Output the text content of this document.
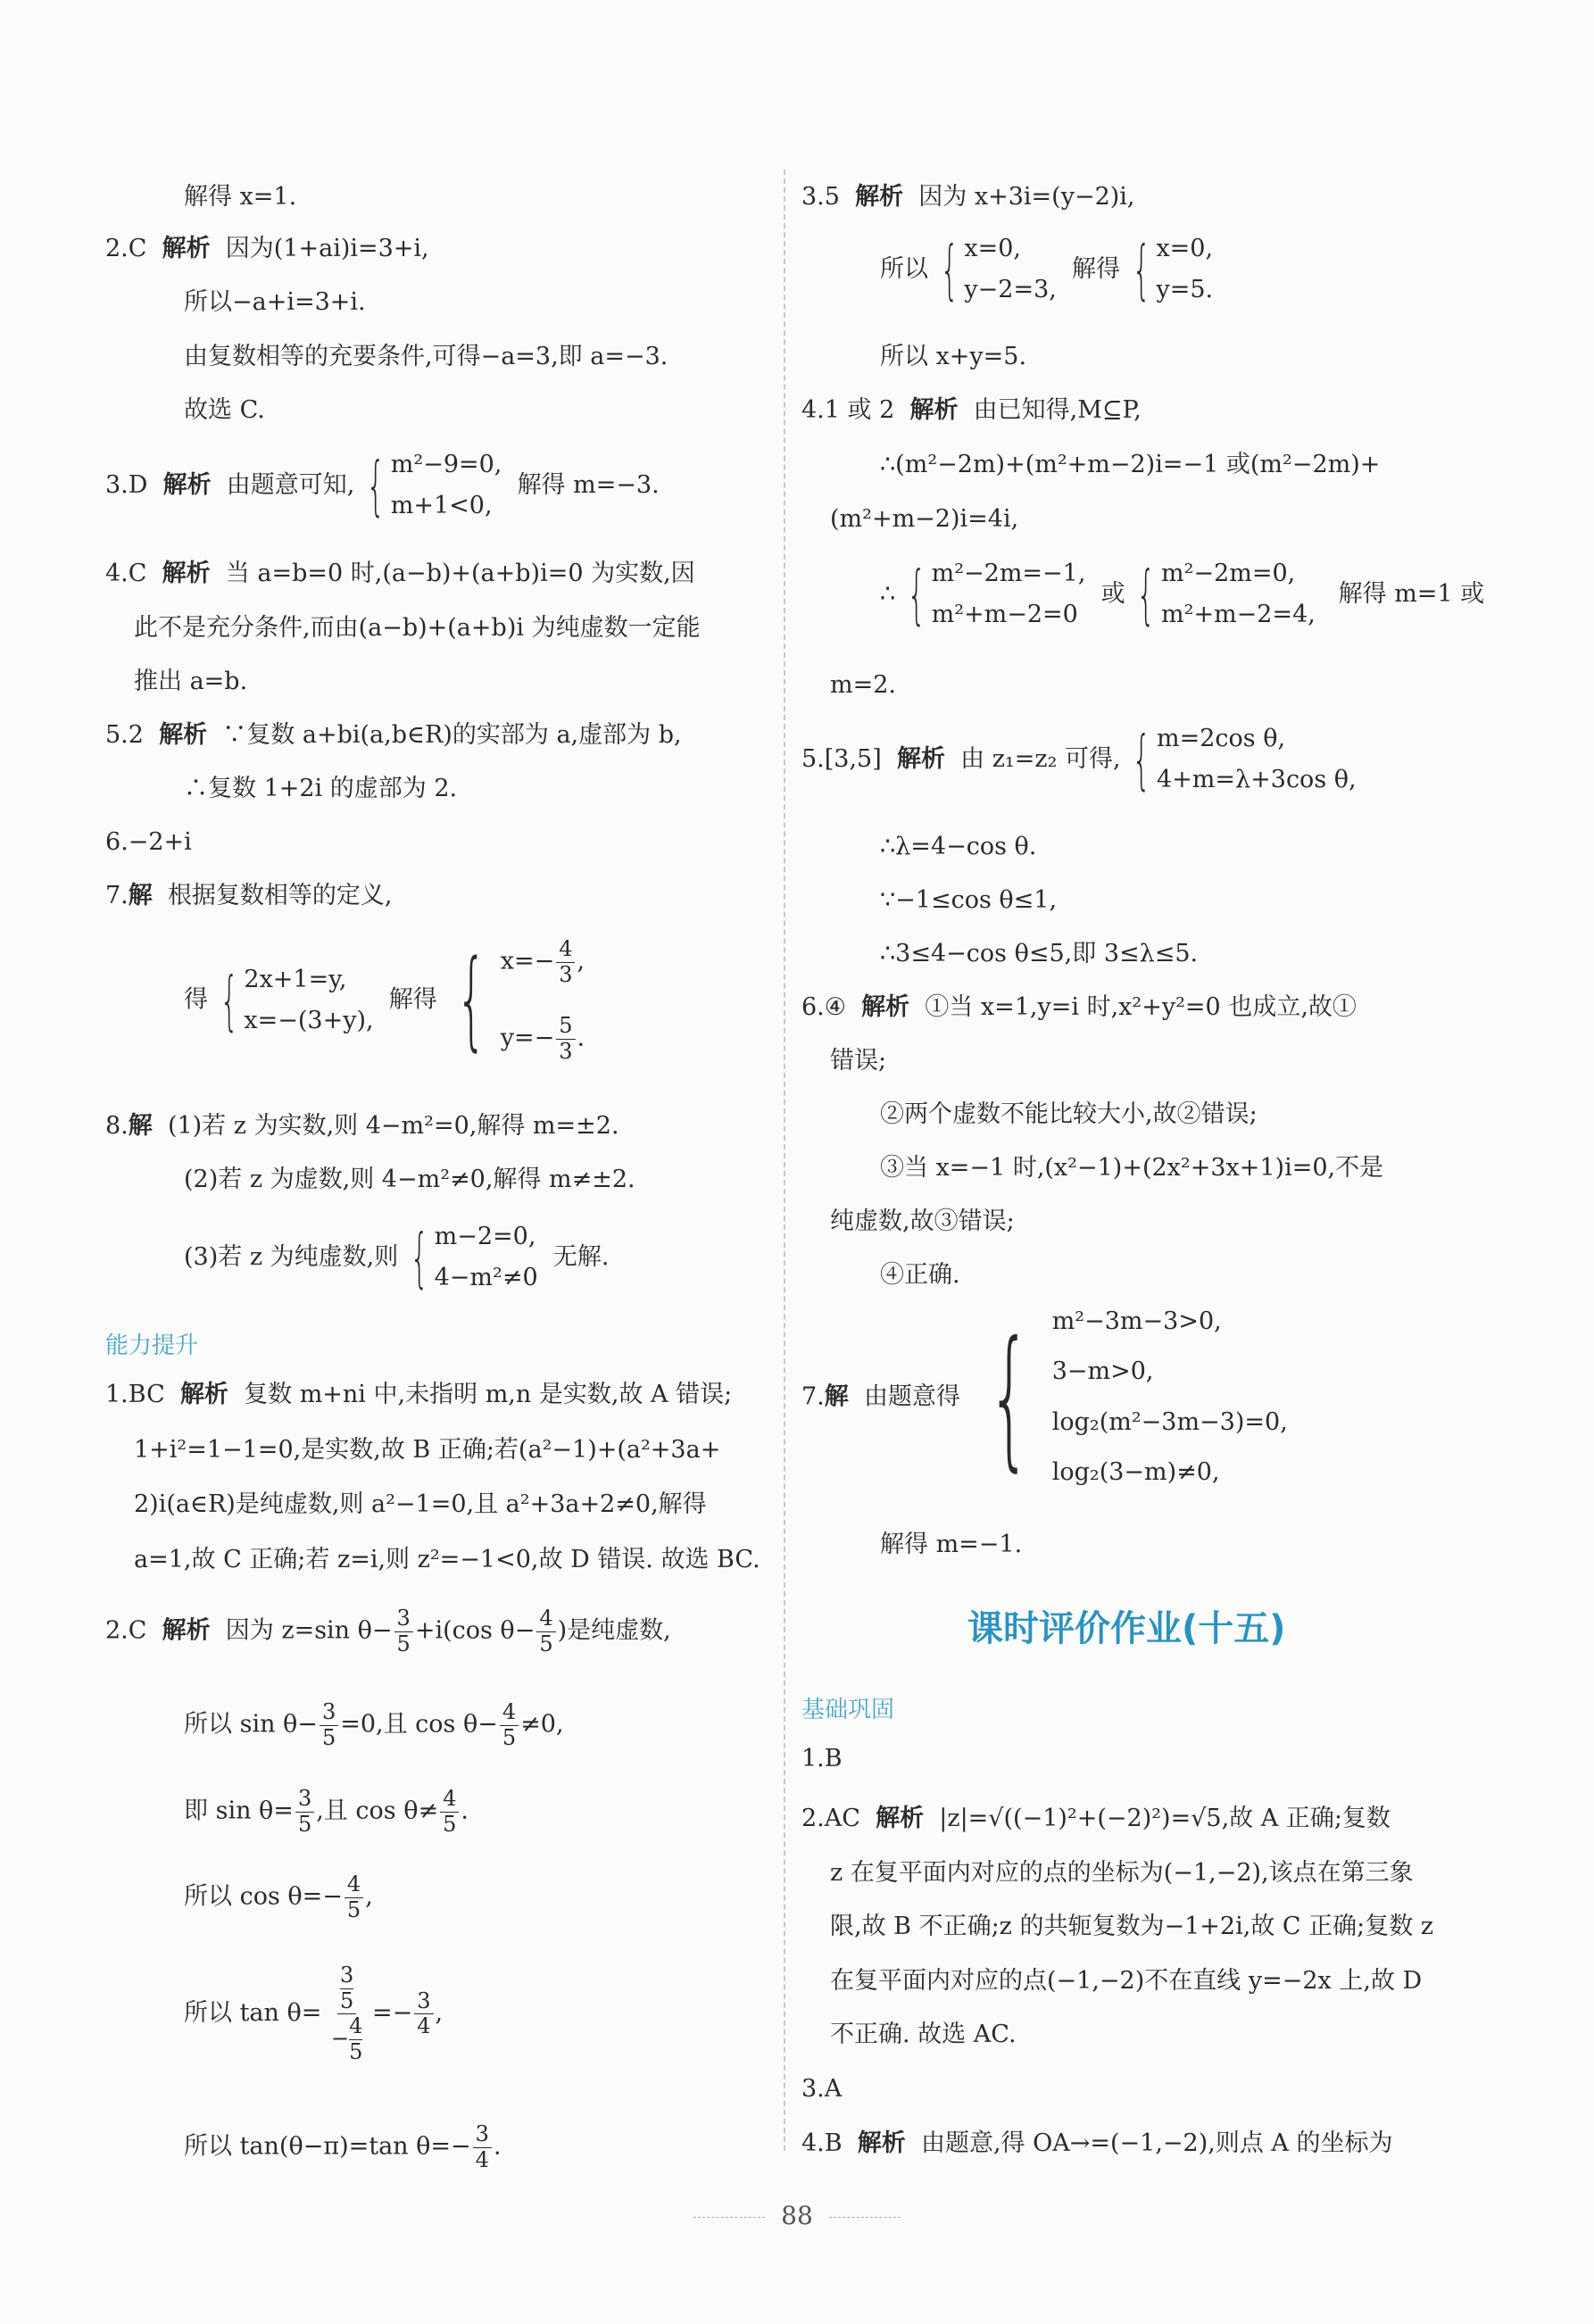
解得 x=1.
2.C 解析 因为(1+ai)i=3+i,
所以−a+i=3+i.
由复数相等的充要条件,可得−a=3,即 a=−3.
故选 C.
3.D 解析 由题意可知, { m²−9=0,
m+1<0,
解得 m=−3.
4.C 解析 当 a=b=0 时,(a−b)+(a+b)i=0 为实数,因
此不是充分条件,而由(a−b)+(a+b)i 为纯虚数一定能
推出 a=b.
5.2 解析 ∵复数 a+bi(a,b∈R)的实部为 a,虚部为 b,
∴复数 1+2i 的虚部为 2.
6.−2+i
7.解 根据复数相等的定义,
得 { 2x+1=y,
x=−(3+y),
解得 { $x=- \frac{4}{3}$ ,
$y=- \frac{5}{3}$ .
8.解 (1)若 z 为实数,则 4−m²=0,解得 m=±2.
(2)若 z 为虚数,则 4−m²≠0,解得 m≠±2.
(3)若 z 为纯虚数,则 { m−2=0,
4−m²≠0
无解.
能力提升
1.BC 解析 复数 m+ni 中,未指明 m,n 是实数,故 A 错误;
1+i²=1−1=0,是实数,故 B 正确;若(a²−1)+(a²+3a+
2)i(a∈R)是纯虚数,则 a²−1=0,且 a²+3a+2≠0,解得
a=1,故 C 正确;若 z=i,则 z²=−1<0,故 D 错误. 故选 BC.
2.C 解析 因为 z=sin $\theta- \frac{3}{5} +i(\cos$ $\theta- \frac{4}{5}$ )是纯虚数,
所以 $\sin \theta- \frac{3}{5} =0$,且 $\cos \theta- \frac{4}{5} \ne 0$,
即 $\sin \theta= \frac{3}{5}$ ,且 $\cos \theta\ne \frac{4}{5}$ .
所以 $\cos \theta=- \frac{4}{5}$ ,
所以 tan θ= 3
5
− $\frac{4}{5} =- \frac{3}{4}$ ,
所以 tan(θ−π)=tan $\theta=- \frac{3}{4}$ .
3.5 解析 因为 x+3i=(y−2)i,
所以 { x=0,
y−2=3,
解得 { x=0,
y=5.
所以 x+y=5.
4.1 或 2 解析 由已知得,M⊆P,
∴(m²−2m)+(m²+m−2)i=−1 或(m²−2m)+
(m²+m−2)i=4i,
∴ { m²−2m=−1,
m²+m−2=0
或 { m²−2m=0,
m²+m−2=4,
解得 m=1 或
m=2.
5.[3,5] 解析 由 z₁=z₂ 可得, { m=2cos θ,
4+m=λ+3cos θ,
∴λ=4−cos θ.
∵−1≤cos θ≤1,
∴3≤4−cos θ≤5,即 3≤λ≤5.
6.④ 解析 ①当 x=1,y=i 时,x²+y²=0 也成立,故①
错误;
②两个虚数不能比较大小,故②错误;
③当 x=−1 时,(x²−1)+(2x²+3x+1)i=0,不是
纯虚数,故③错误;
④正确.
7.解 由题意得 { m²−3m−3>0,
3−m>0,
log₂(m²−3m−3)=0,
log₂(3−m)≠0,
解得 m=−1.
课时评价作业(十五)
基础巩固
1.B
2.AC 解析 |z|=√((−1)²+(−2)²)=√5,故 A 正确;复数
z 在复平面内对应的点的坐标为(−1,−2),该点在第三象
限,故 B 不正确;z 的共轭复数为−1+2i,故 C 正确;复数 z
在复平面内对应的点(−1,−2)不在直线 y=−2x 上,故 D
不正确. 故选 AC.
3.A
4.B 解析 由题意,得 OA→=(−1,−2),则点 A 的坐标为
88
